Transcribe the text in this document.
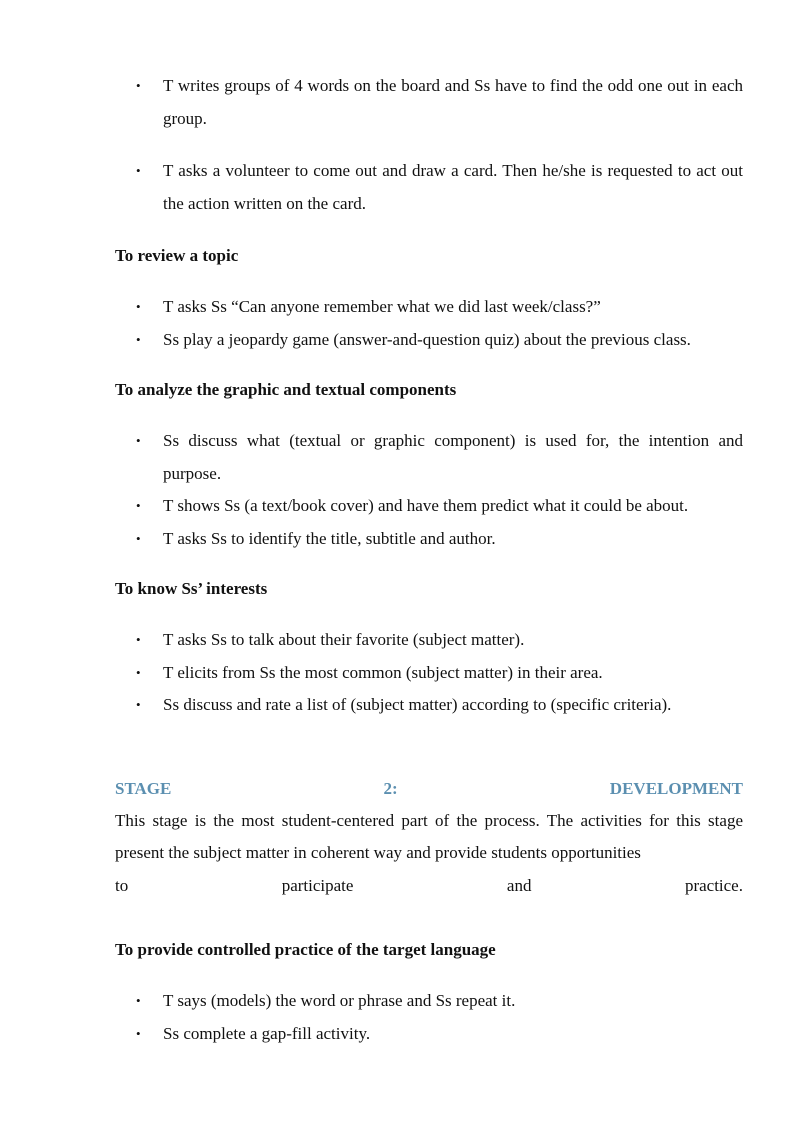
• T writes groups of 4 words on the board and Ss have to find the odd one out in each group.
• T asks a volunteer to come out and draw a card. Then he/she is requested to act out the action written on the card.
To review a topic
• T asks Ss “Can anyone remember what we did last week/class?”
• Ss play a jeopardy game (answer-and-question quiz) about the previous class.
To analyze the graphic and textual components
• Ss discuss what (textual or graphic component) is used for, the intention and purpose.
• T shows Ss (a text/book cover) and have them predict what it could be about.
• T asks Ss to identify the title, subtitle and author.
To know Ss’ interests
• T asks Ss to talk about their favorite (subject matter).
• T elicits from Ss the most common (subject matter) in their area.
• Ss discuss and rate a list of (subject matter) according to (specific criteria).
STAGE	2:	DEVELOPMENT

This stage is the most student-centered part of the process. The activities for this stage present the subject matter in coherent way and provide students opportunities

to	participate	and	practice.
To provide controlled practice of the target language
• T says (models) the word or phrase and Ss repeat it.
• Ss complete a gap-fill activity.
